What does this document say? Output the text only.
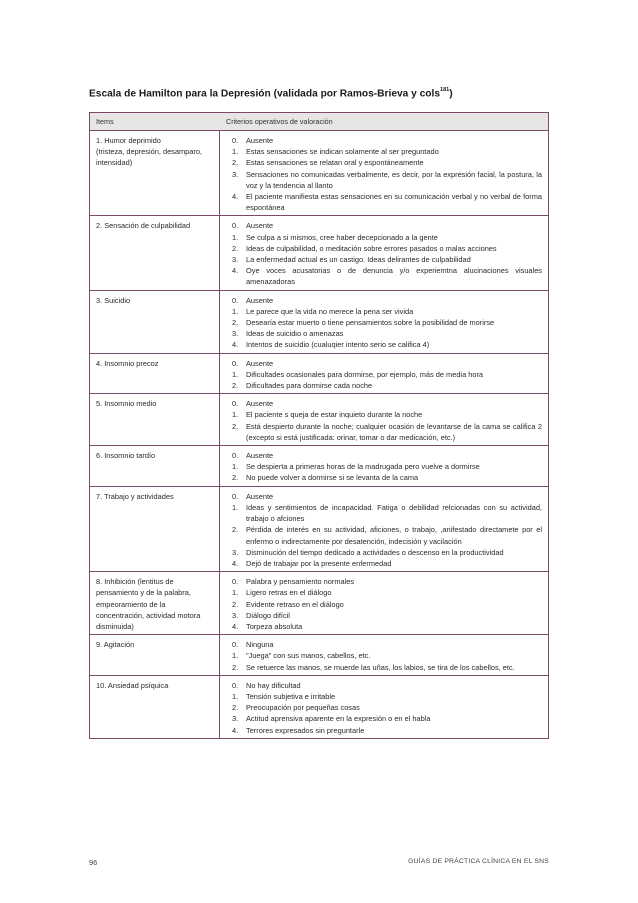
Escala de Hamilton para la Depresión (validada por Ramos-Brieva y cols$^{181}$)
Items	Criterios operativos de valoración
1. Humor deprimido
(tristeza, depresión, desamparo, intensidad)
0.	Ausente
1.	Estas sensaciones se indican solamente al ser preguntado
2.	Estas sensaciones se relatan oral y espontáneamente
3.	Sensaciones no comunicadas verbalmente, es decir, por la expresión facial, la postura, la voz y la tendencia al llanto
4.	El paciente manifiesta estas sensaciones en su comunicación verbal y no verbal de forma espontánea
2. Sensación de culpabilidad	0.	Ausente
1.	Se culpa a si mismos, cree haber decepcionado a la gente
2.	Ideas de culpabilidad, o meditación sobre errores pasados o malas acciones
3.	La enfermedad actual es un castigo. Ideas delirantes de culpabilidad
4.	Oye voces acusatorias o de denuncia y/o experiemtna alucinaciones visuales amenazadoras
3. Suicidio	0.	Ausente
1.	Le parece que la vida no merece la pena ser vivida
2.	Desearía estar muerto o tiene pensamientos sobre la posibilidad de morirse
3.	Ideas de suicidio o amenazas
4.	Intentos de suicidio (cualuqier intento serio se califica 4)
4. Insomnio precoz	0.	Ausente
1.	Dificultades ocasionales para dormirse, por ejemplo, más de media hora
2.	Dificultades para dormirse cada noche
5. Insomnio medio	0.	Ausente
1.	El paciente s queja de estar inquieto durante la noche
2.	Está despierto durante la noche; cualquier ocasión de levantarse de la cama se califica 2 (excepto si está justificada: orinar, tomar o dar medicación, etc.)
6. Insomnio tardío	0.	Ausente
1.	Se despierta a primeras horas de la madrugada pero vuelve a dormirse
2.	No puede volver a dormirse si se levanta de la cama
7. Trabajo y actividades	0.	Ausente
1.	Ideas y sentimientos de incapacidad. Fatiga o debilidad relcionadas con su actividad, trabajo o afciones
2.	Pérdida de interés en su actividad, aficiones, o trabajo, ,anifestado directamete por el enfermo o indirectamente por desatención, indecisión y vacilación
3.	Disminución del tiempo dedicado a actividades o descenso en la productividad
4.	Dejó de trabajar por la presente enfermedad
8. Inhibición (lentitus de pensamiento y de la palabra, empeoramiento de la concentración, actividad motora disminuida)
0.	Palabra y pensamiento normales
1.	Ligero retras en el diálogo
2.	Evidente retraso en el diálogo
3.	Diálogo difícil
4.	Torpeza absoluta
9. Agitación	0.	Ninguna
1.	"Juega" con sus manos, cabellos, etc.
2.	Se retuerce las manos, se muerde las uñas, los labios, se tira de los cabellos, etc.
10. Ansiedad psíquica	0.	No hay dificultad
1.	Tensión subjetiva e irritable
2.	Preocupación por pequeñas cosas
3.	Actitud aprensiva aparente en la expresión o en el habla
4.	Terrores expresados sin preguntarle
96	GUÍAS DE PRÁCTICA CLÍNICA EN EL SNS
